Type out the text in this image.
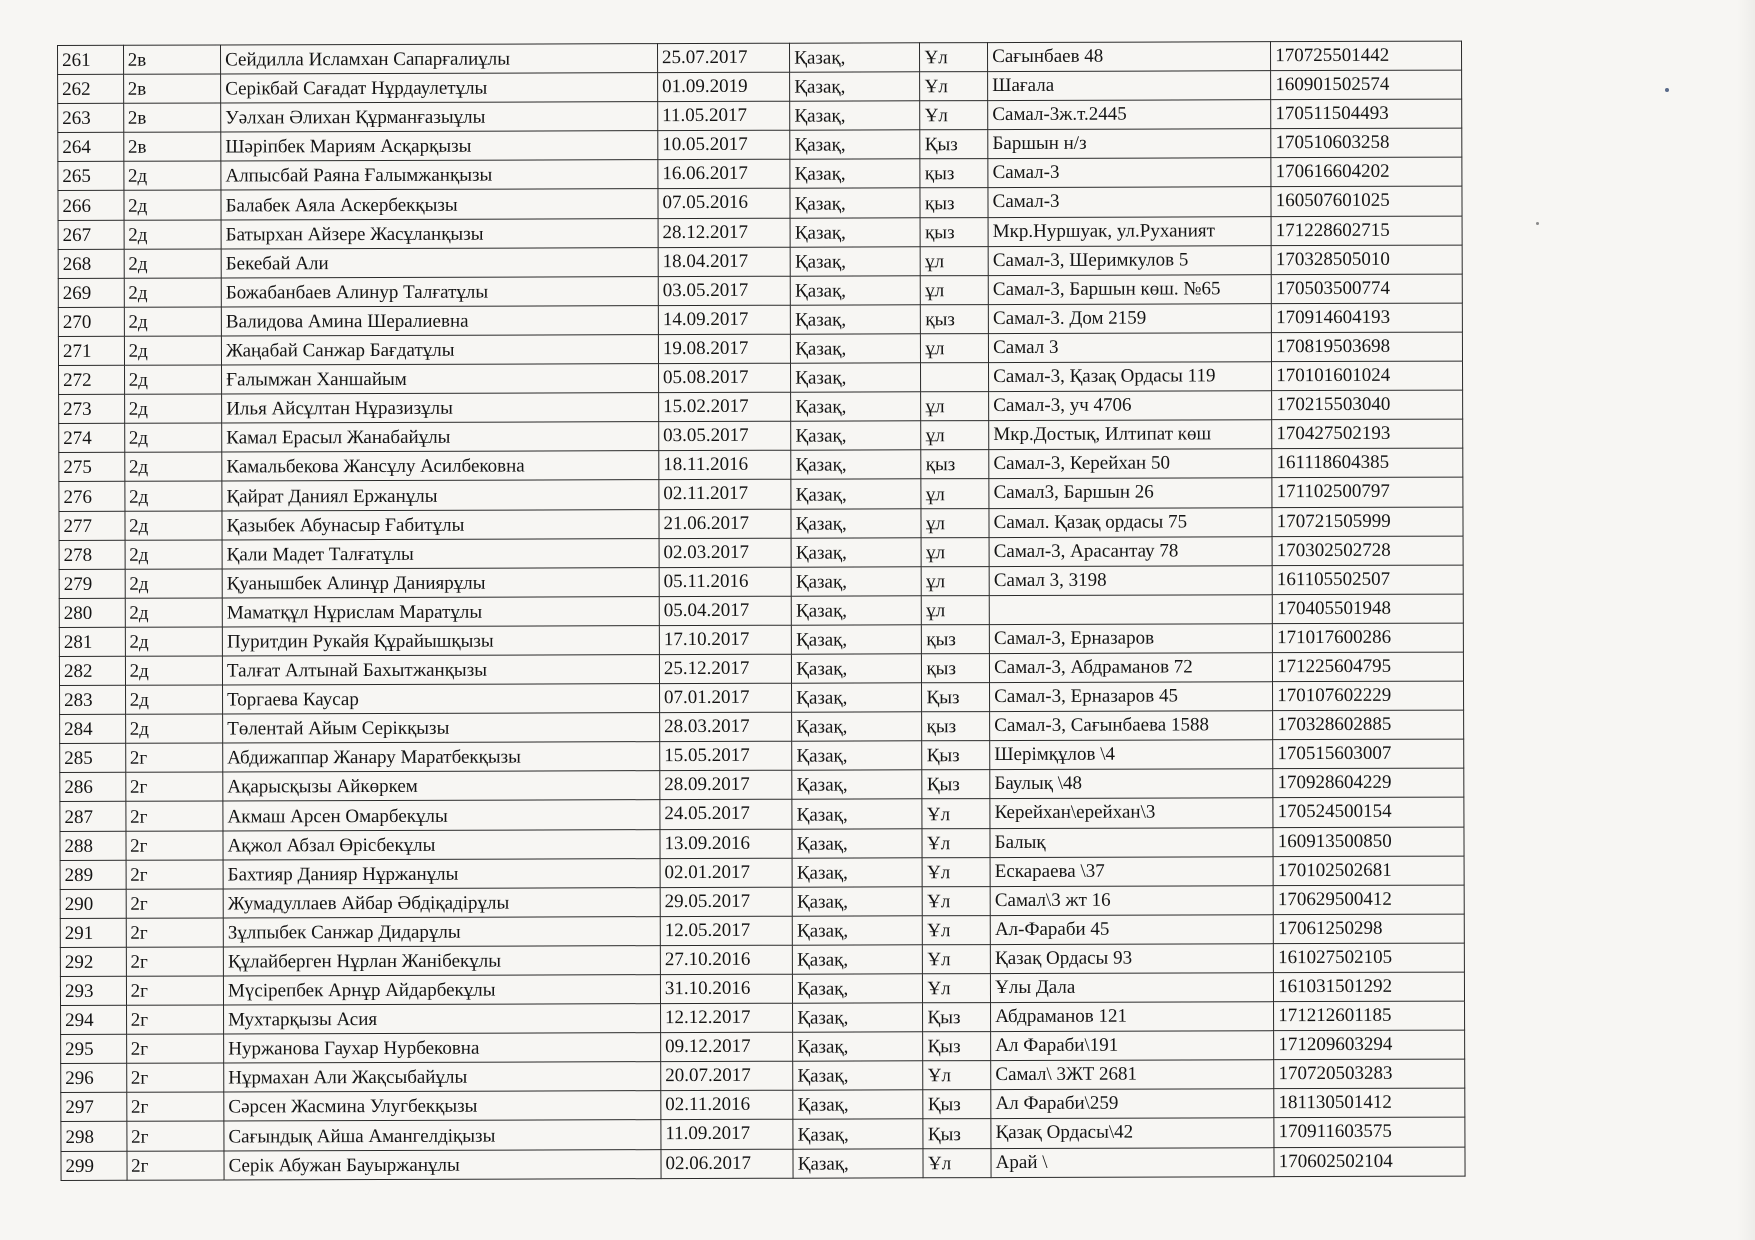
261	2в	Сейдилла Исламхан Сапарғалиұлы	25.07.2017	Қазақ,	Ұл	Сағынбаев 48	170725501442
262	2в	Серікбай Сағадат Нұрдаулетұлы	01.09.2019	Қазақ,	Ұл	Шағала	160901502574
263	2в	Уәлхан Әлихан Құрманғазыұлы	11.05.2017	Қазақ,	Ұл	Самал-3ж.т.2445	170511504493
264	2в	Шәріпбек Мариям Асқарқызы	10.05.2017	Қазақ,	Қыз	Баршын н/з	170510603258
265	2д	Алпысбай Раяна Ғалымжанқызы	16.06.2017	Қазақ,	қыз	Самал-3	170616604202
266	2д	Балабек Аяла Аскербекқызы	07.05.2016	Қазақ,	қыз	Самал-3	160507601025
267	2д	Батырхан Айзере Жасұланқызы	28.12.2017	Қазақ,	қыз	Мкр.Нуршуак, ул.Руханият	171228602715
268	2д	Бекебай Али	18.04.2017	Қазақ,	ұл	Самал-3, Шеримкулов 5	170328505010
269	2д	Божабанбаев Алинур Талғатұлы	03.05.2017	Қазақ,	ұл	Самал-3, Баршын көш. №65	170503500774
270	2д	Валидова Амина Шералиевна	14.09.2017	Қазақ,	қыз	Самал-3. Дом 2159	170914604193
271	2д	Жаңабай Санжар Бағдатұлы	19.08.2017	Қазақ,	ұл	Самал 3	170819503698
272	2д	Ғалымжан Ханшайым	05.08.2017	Қазақ,		Самал-3, Қазақ Ордасы 119	170101601024
273	2д	Илья Айсұлтан Нұразизұлы	15.02.2017	Қазақ,	ұл	Самал-3, уч 4706	170215503040
274	2д	Камал Ерасыл Жанабайұлы	03.05.2017	Қазақ,	ұл	Мкр.Достық, Илтипат көш	170427502193
275	2д	Камальбекова Жансұлу Асилбековна	18.11.2016	Қазақ,	қыз	Самал-3, Керейхан 50	161118604385
276	2д	Қайрат Даниял Ержанұлы	02.11.2017	Қазақ,	ұл	Самал3, Баршын 26	171102500797
277	2д	Қазыбек Абунасыр Ғабитұлы	21.06.2017	Қазақ,	ұл	Самал. Қазақ ордасы 75	170721505999
278	2д	Қали Мадет Талғатұлы	02.03.2017	Қазақ,	ұл	Самал-3, Арасантау 78	170302502728
279	2д	Қуанышбек Алинұр Даниярұлы	05.11.2016	Қазақ,	ұл	Самал 3, 3198	161105502507
280	2д	Маматқұл Нұрислам Маратұлы	05.04.2017	Қазақ,	ұл		170405501948
281	2д	Пуритдин Рукайя Құрайышқызы	17.10.2017	Қазақ,	қыз	Самал-3, Ерназаров	171017600286
282	2д	Талғат Алтынай Бахытжанқызы	25.12.2017	Қазақ,	қыз	Самал-3, Абдраманов 72	171225604795
283	2д	Торгаева Каусар	07.01.2017	Қазақ,	Қыз	Самал-3, Ерназаров 45	170107602229
284	2д	Төлентай Айым Серікқызы	28.03.2017	Қазақ,	қыз	Самал-3, Сағынбаева 1588	170328602885
285	2г	Абдижаппар Жанару Маратбекқызы	15.05.2017	Қазақ,	Қыз	Шерімқұлов \4	170515603007
286	2г	Ақарысқызы Айкөркем	28.09.2017	Қазақ,	Қыз	Баулық \48	170928604229
287	2г	Акмаш Арсен Омарбекұлы	24.05.2017	Қазақ,	Ұл	Керейхан\ерейхан\3	170524500154
288	2г	Ақжол Абзал Өрісбекұлы	13.09.2016	Қазақ,	Ұл	Балық	160913500850
289	2г	Бахтияр Данияр Нұржанұлы	02.01.2017	Қазақ,	Ұл	Ескараева \37	170102502681
290	2г	Жумадуллаев Айбар Әбдіқадірұлы	29.05.2017	Қазақ,	Ұл	Самал\3 жт 16	170629500412
291	2г	Зұлпыбек Санжар Дидарұлы	12.05.2017	Қазақ,	Ұл	Ал-Фараби 45	17061250298
292	2г	Құлайберген Нұрлан Жанібекұлы	27.10.2016	Қазақ,	Ұл	Қазақ Ордасы 93	161027502105
293	2г	Мүсірепбек Арнұр Айдарбекұлы	31.10.2016	Қазақ,	Ұл	Ұлы Дала	161031501292
294	2г	Мухтарқызы Асия	12.12.2017	Қазақ,	Қыз	Абдраманов 121	171212601185
295	2г	Нуржанова Гаухар Нурбековна	09.12.2017	Қазақ,	Қыз	Ал Фараби\191	171209603294
296	2г	Нұрмахан Али Жақсыбайұлы	20.07.2017	Қазақ,	Ұл	Самал\ 3ЖТ 2681	170720503283
297	2г	Сәрсен Жасмина Улугбекқызы	02.11.2016	Қазақ,	Қыз	Ал Фараби\259	181130501412
298	2г	Сағындық Айша Амангелдіқызы	11.09.2017	Қазақ,	Қыз	Қазақ Ордасы\42	170911603575
299	2г	Серік Абужан Бауыржанұлы	02.06.2017	Қазақ,	Ұл	Арай \	170602502104
